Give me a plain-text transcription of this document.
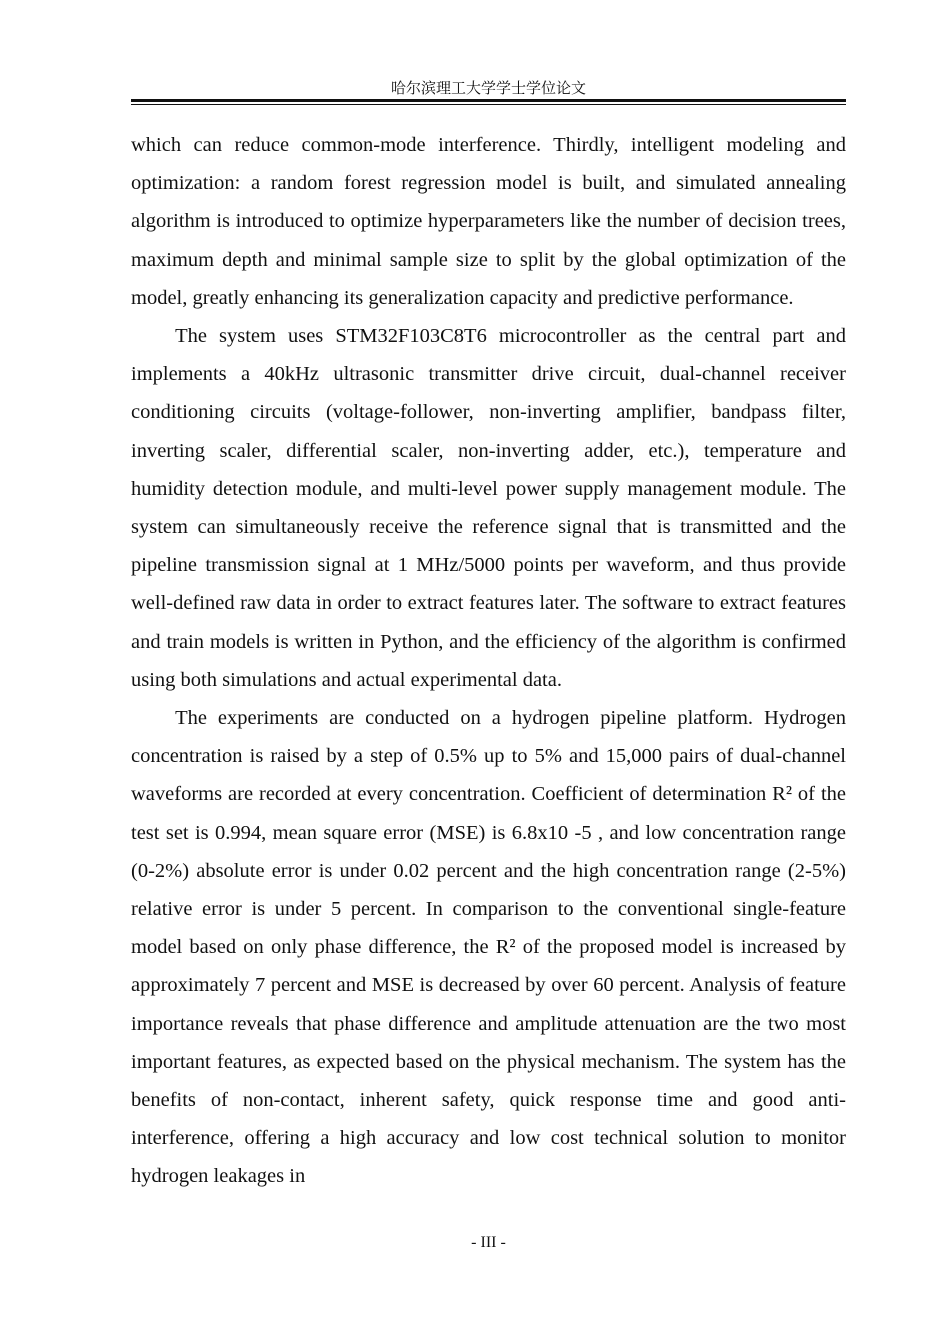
哈尔滨理工大学学士学位论文

which can reduce common-mode interference. Thirdly, intelligent modeling and optimization: a random forest regression model is built, and simulated annealing algorithm is introduced to optimize hyperparameters like the number of decision trees, maximum depth and minimal sample size to split by the global optimization of the model, greatly enhancing its generalization capacity and predictive performance.

The system uses STM32F103C8T6 microcontroller as the central part and implements a 40kHz ultrasonic transmitter drive circuit, dual-channel receiver conditioning circuits (voltage-follower, non-inverting amplifier, bandpass filter, inverting scaler, differential scaler, non-inverting adder, etc.), temperature and humidity detection module, and multi-level power supply management module. The system can simultaneously receive the reference signal that is transmitted and the pipeline transmission signal at 1 MHz/5000 points per waveform, and thus provide well-defined raw data in order to extract features later. The software to extract features and train models is written in Python, and the efficiency of the algorithm is confirmed using both simulations and actual experimental data.

The experiments are conducted on a hydrogen pipeline platform. Hydrogen concentration is raised by a step of 0.5% up to 5% and 15,000 pairs of dual-channel waveforms are recorded at every concentration. Coefficient of determination R² of the test set is 0.994, mean square error (MSE) is 6.8x10 -5 , and low concentration range (0-2%) absolute error is under 0.02 percent and the high concentration range (2-5%) relative error is under 5 percent. In comparison to the conventional single-feature model based on only phase difference, the R² of the proposed model is increased by approximately 7 percent and MSE is decreased by over 60 percent. Analysis of feature importance reveals that phase difference and amplitude attenuation are the two most important features, as expected based on the physical mechanism. The system has the benefits of non-contact, inherent safety, quick response time and good anti-interference, offering a high accuracy and low cost technical solution to monitor hydrogen leakages in

- III -
